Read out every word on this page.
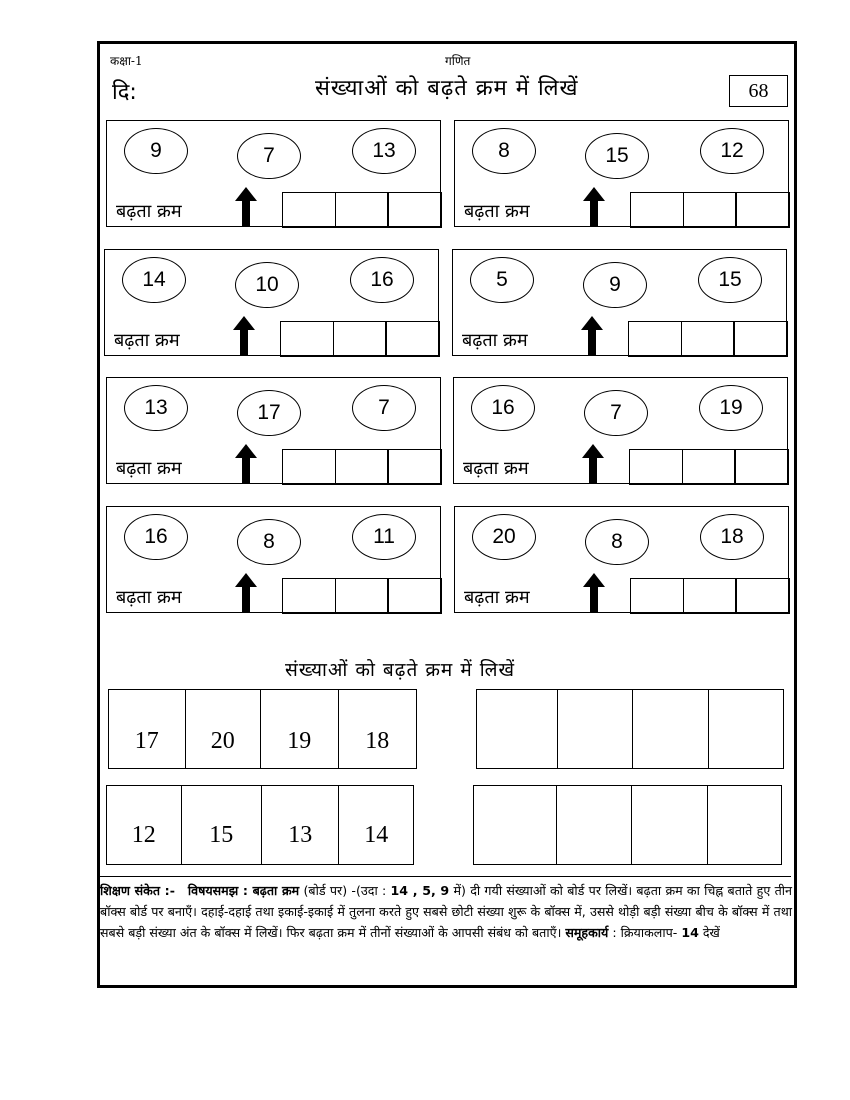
कक्षा-1	गणित
दि:	संख्याओं को बढ़ते क्रम में लिखें	68
9	7	13
बढ़ता क्रम
8	15	12
बढ़ता क्रम
14	10	16
बढ़ता क्रम
5	9	15
बढ़ता क्रम
13	17	7
बढ़ता क्रम
16	7	19
बढ़ता क्रम
16	8	11
बढ़ता क्रम
20	8	18
बढ़ता क्रम
संख्याओं को बढ़ते क्रम में लिखें
17	20	19	18
12	15	13	14
शिक्षण संकेत :- विषयसमझ : बढ़ता क्रम (बोर्ड पर) -(उदा : 14 , 5, 9 में) दी गयी संख्याओं को बोर्ड पर लिखें। बढ़ता क्रम का चिह्न बताते हुए तीन बॉक्स बोर्ड पर बनाएँ। दहाई-दहाई तथा इकाई-इकाई में तुलना करते हुए सबसे छोटी संख्या शुरू के बॉक्स में, उससे थोड़ी बड़ी संख्या बीच के बॉक्स में तथा सबसे बड़ी संख्या अंत के बॉक्स में लिखें। फिर बढ़ता क्रम में तीनों संख्याओं के आपसी संबंध को बताएँ। समूहकार्य : क्रियाकलाप- 14 देखें
